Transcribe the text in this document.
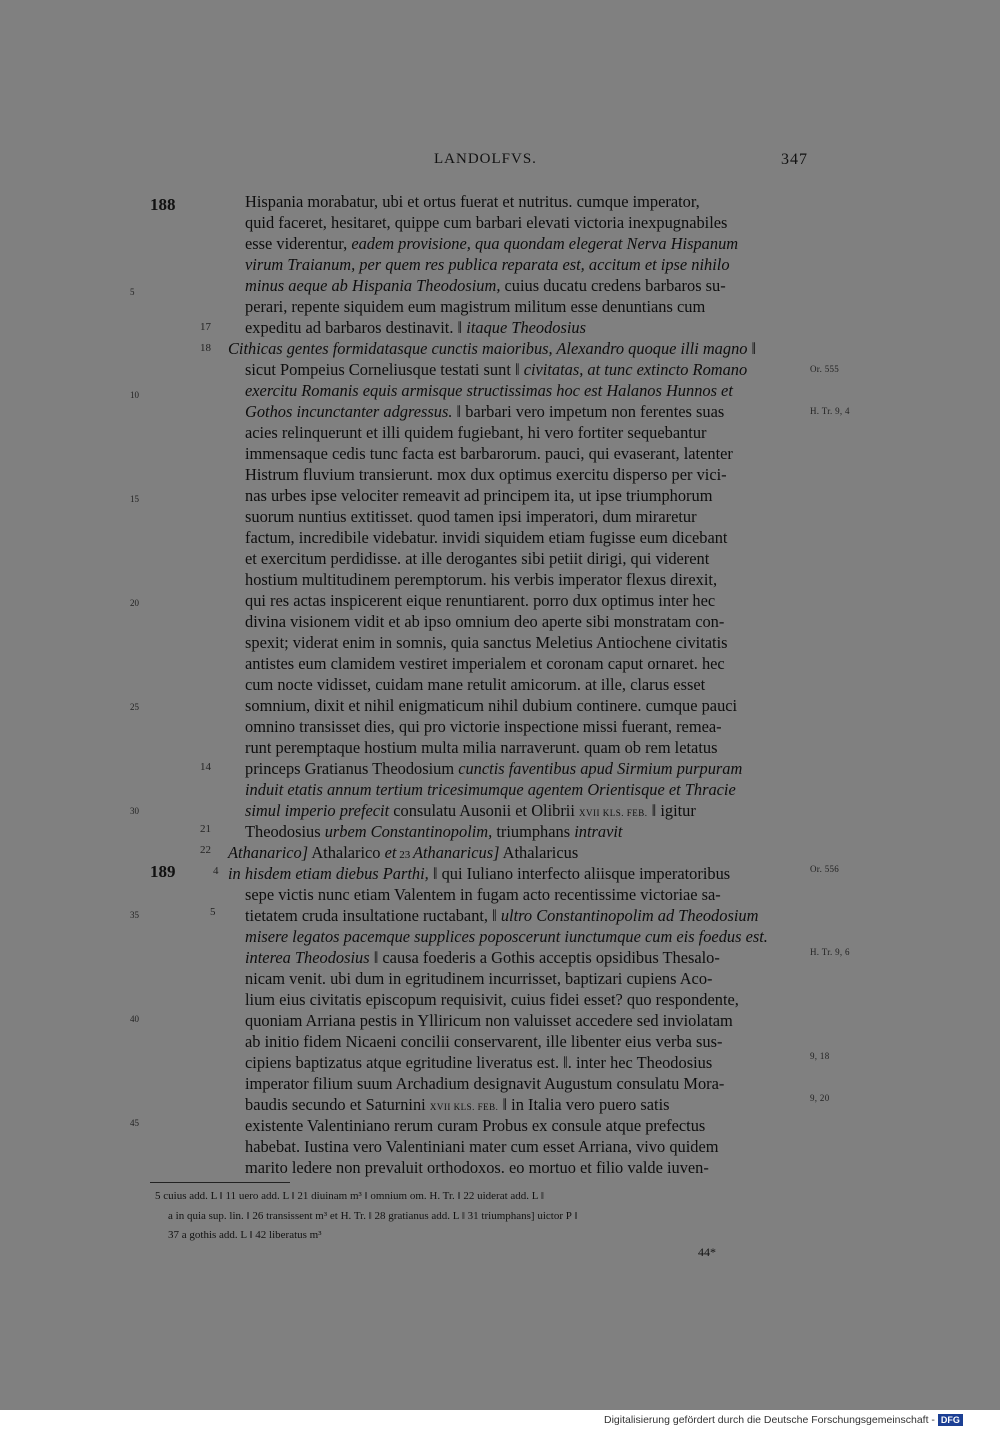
LANDOLFVS.	347
188
189
5
10
15
20
25
30
35
40
45
17
18
14
21
22
4
5
Or. 555
H. Tr. 9, 4
Or. 556
H. Tr. 9, 6
9, 18
9, 20
Hispania morabatur, ubi et ortus fuerat et nutritus. cumque imperator,
quid faceret, hesitaret, quippe cum barbari elevati victoria inexpugnabiles
esse viderentur, eadem provisione, qua quondam elegerat Nerva Hispanum
virum Traianum, per quem res publica reparata est, accitum et ipse nihilo
minus aeque ab Hispania Theodosium, cuius ducatu credens barbaros su-
perari, repente siquidem eum magistrum militum esse denuntians cum
expeditu ad barbaros destinavit. ‖ itaque Theodosius
Cithicas gentes formidatasque cunctis maioribus, Alexandro quoque illi magno ‖
sicut Pompeius Corneliusque testati sunt ‖ civitatas, at tunc extincto Romano
exercitu Romanis equis armisque structissimas hoc est Halanos Hunnos et
Gothos incunctanter adgressus. ‖ barbari vero impetum non ferentes suas
acies relinquerunt et illi quidem fugiebant, hi vero fortiter sequebantur
immensaque cedis tunc facta est barbarorum. pauci, qui evaserant, latenter
Histrum fluvium transierunt. mox dux optimus exercitu disperso per vici-
nas urbes ipse velociter remeavit ad principem ita, ut ipse triumphorum
suorum nuntius extitisset. quod tamen ipsi imperatori, dum miraretur
factum, incredibile videbatur. invidi siquidem etiam fugisse eum dicebant
et exercitum perdidisse. at ille derogantes sibi petiit dirigi, qui viderent
hostium multitudinem peremptorum. his verbis imperator flexus direxit,
qui res actas inspicerent eique renuntiarent. porro dux optimus inter hec
divina visionem vidit et ab ipso omnium deo aperte sibi monstratam con-
spexit; viderat enim in somnis, quia sanctus Meletius Antiochene civitatis
antistes eum clamidem vestiret imperialem et coronam caput ornaret. hec
cum nocte vidisset, cuidam mane retulit amicorum. at ille, clarus esset
somnium, dixit et nihil enigmaticum nihil dubium continere. cumque pauci
omnino transisset dies, qui pro victorie inspectione missi fuerant, remea-
runt peremptaque hostium multa milia narraverunt. quam ob rem letatus
princeps Gratianus Theodosium cunctis faventibus apud Sirmium purpuram
induit etatis annum tertium tricesimumque agentem Orientisque et Thracie
simul imperio prefecit consulatu Ausonii et Olibrii XVII KLS. FEB. ‖ igitur
Theodosius urbem Constantinopolim, triumphans intravit
Athanarico] Athalarico et 23 Athanaricus] Athalaricus
in hisdem etiam diebus Parthi, ‖ qui Iuliano interfecto aliisque imperatoribus
sepe victis nunc etiam Valentem in fugam acto recentissime victoriae sa-
tietatem cruda insultatione ructabant, ‖ ultro Constantinopolim ad Theodosium
misere legatos pacemque supplices poposcerunt iunctumque cum eis foedus est.
interea Theodosius ‖ causa foederis a Gothis acceptis opsidibus Thesalo-
nicam venit. ubi dum in egritudinem incurrisset, baptizari cupiens Aco-
lium eius civitatis episcopum requisivit, cuius fidei esset? quo respondente,
quoniam Arriana pestis in Ylliricum non valuisset accedere sed inviolatam
ab initio fidem Nicaeni concilii conservarent, ille libenter eius verba sus-
cipiens baptizatus atque egritudine liveratus est. ‖. inter hec Theodosius
imperator filium suum Archadium designavit Augustum consulatu Mora-
baudis secundo et Saturnini XVII KLS. FEB. ‖ in Italia vero puero satis
existente Valentiniano rerum curam Probus ex consule atque prefectus
habebat. Iustina vero Valentiniani mater cum esset Arriana, vivo quidem
marito ledere non prevaluit orthodoxos. eo mortuo et filio valde iuven-
5 cuius add. L ‖ 11 uero add. L ‖ 21 diuinam m³ ‖ omnium om. H. Tr. ‖ 22 uiderat add. L ‖
a in quia sup. lin. ‖ 26 transissent m³ et H. Tr. ‖ 28 gratianus add. L ‖ 31 triumphans] uictor P ‖
37 a gothis add. L ‖ 42 liberatus m³
44*
Digitalisierung gefördert durch die Deutsche Forschungsgemeinschaft - DFG
